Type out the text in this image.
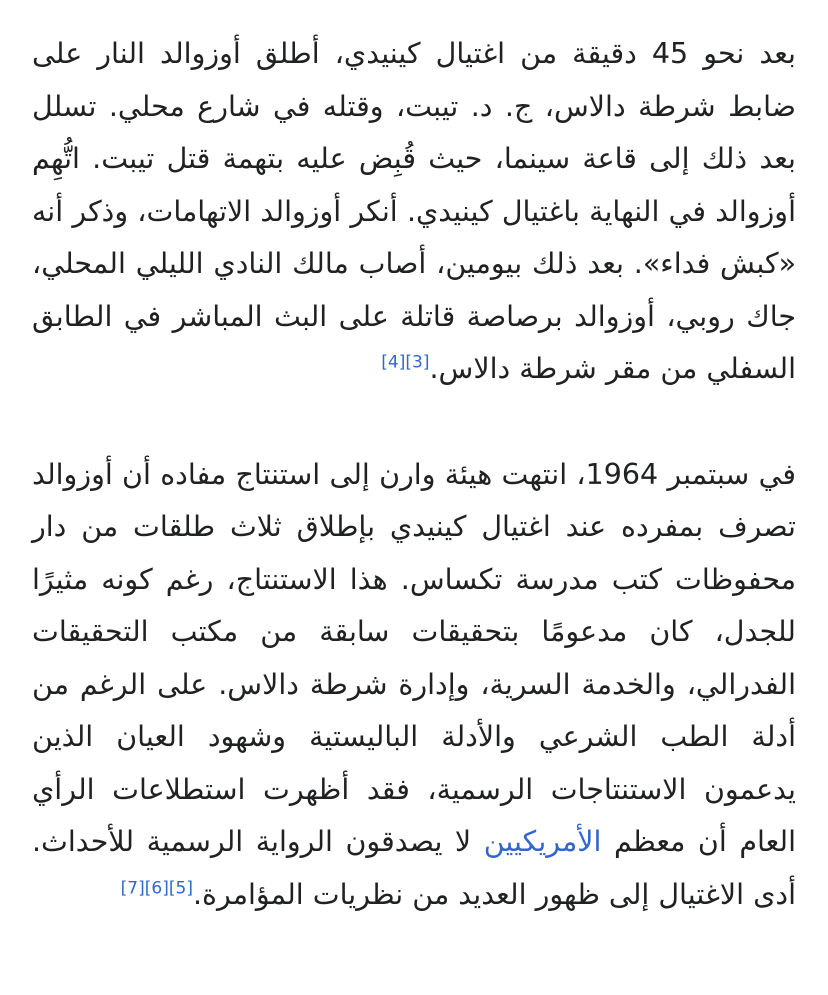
بعد نحو 45 دقيقة من اغتيال كينيدي، أطلق أوزوالد النار على ضابط شرطة دالاس، ج. د. تيبت، وقتله في شارع محلي. تسلل بعد ذلك إلى قاعة سينما، حيث قُبِض عليه بتهمة قتل تيبت. اتُّهِم أوزوالد في النهاية باغتيال كينيدي. أنكر أوزوالد الاتهامات، وذكر أنه «كبش فداء». بعد ذلك بيومين، أصاب مالك النادي الليلي المحلي، جاك روبي، أوزوالد برصاصة قاتلة على البث المباشر في الطابق السفلي من مقر شرطة دالاس.[3][4]

في سبتمبر 1964، انتهت هيئة وارن إلى استنتاج مفاده أن أوزوالد تصرف بمفرده عند اغتيال كينيدي بإطلاق ثلاث طلقات من دار محفوظات كتب مدرسة تكساس. هذا الاستنتاج، رغم كونه مثيرًا للجدل، كان مدعومًا بتحقيقات سابقة من مكتب التحقيقات الفدرالي، والخدمة السرية، وإدارة شرطة دالاس. على الرغم من أدلة الطب الشرعي والأدلة الباليستية وشهود العيان الذين يدعمون الاستنتاجات الرسمية، فقد أظهرت استطلاعات الرأي العام أن معظم الأمريكيين لا يصدقون الرواية الرسمية للأحداث. أدى الاغتيال إلى ظهور العديد من نظريات المؤامرة.[5][6][7]
